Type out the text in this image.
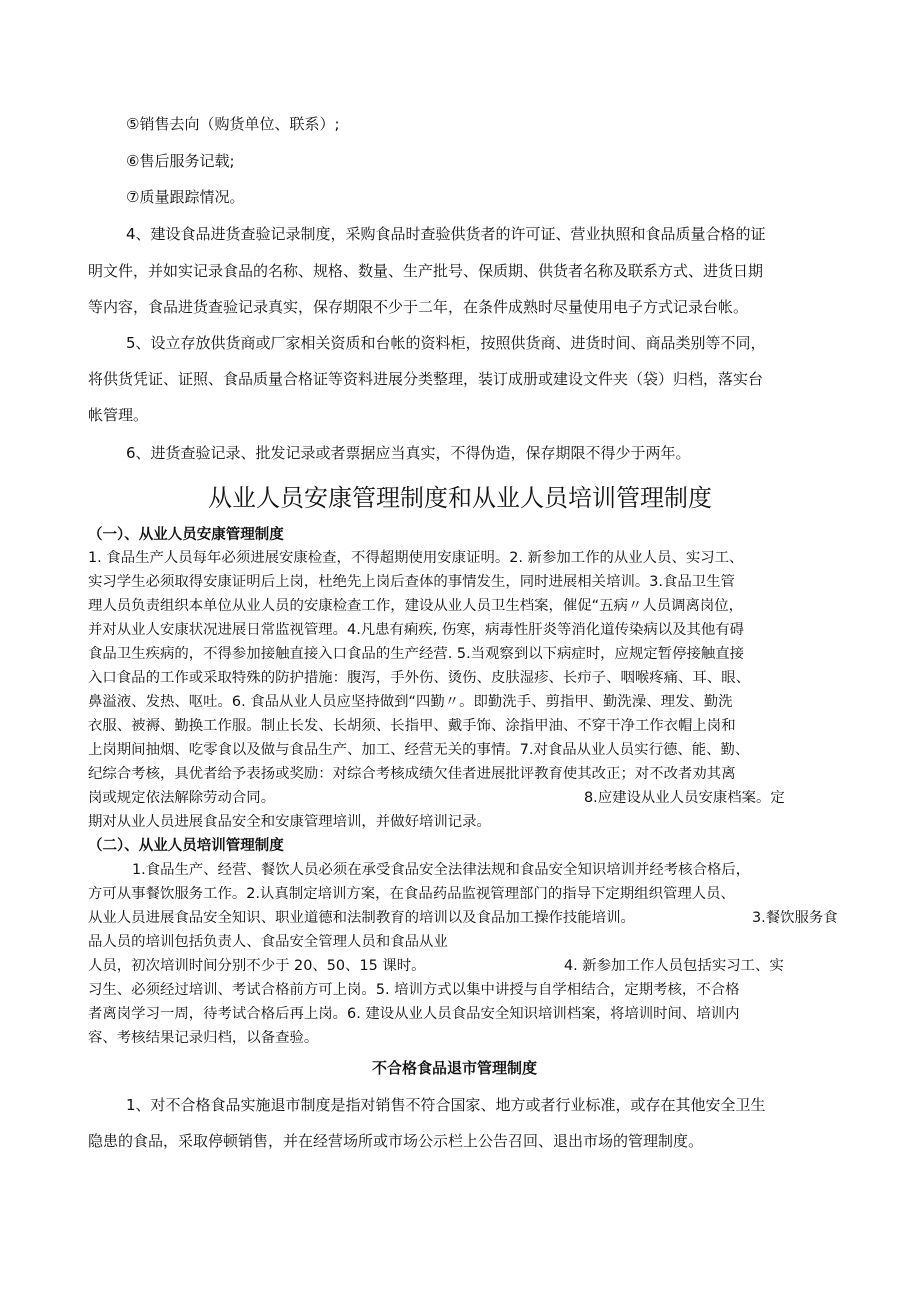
⑤销售去向（购货单位、联系）;
⑥售后服务记载;
⑦质量跟踪情况。
4、建设食品进货查验记录制度，采购食品时查验供货者的许可证、营业执照和食品质量合格的证
明文件，并如实记录食品的名称、规格、数量、生产批号、保质期、供货者名称及联系方式、进货日期
等内容，食品进货查验记录真实，保存期限不少于二年，在条件成熟时尽量使用电子方式记录台帐。
5、设立存放供货商或厂家相关资质和台帐的资料柜，按照供货商、进货时间、商品类别等不同，
将供货凭证、证照、食品质量合格证等资料进展分类整理，装订成册或建设文件夹（袋）归档，落实台
帐管理。
6、进货查验记录、批发记录或者票据应当真实，不得伪造，保存期限不得少于两年。
从业人员安康管理制度和从业人员培训管理制度
（一）、从业人员安康管理制度
1. 食品生产人员每年必须进展安康检查，不得超期使用安康证明。2. 新参加工作的从业人员、实习工、
实习学生必须取得安康证明后上岗，杜绝先上岗后查体的事情发生，同时进展相关培训。3.食品卫生管
理人员负责组织本单位从业人员的安康检查工作，建设从业人员卫生档案，催促“五病〃人员调离岗位，
并对从业人安康状况进展日常监视管理。4.凡患有痢疾, 伤寒，病毒性肝炎等消化道传染病以及其他有碍
食品卫生疾病的，不得参加接触直接入口食品的生产经营. 5.当观察到以下病症时，应规定暂停接触直接
入口食品的工作或采取特殊的防护措施：腹泻，手外伤、烫伤、皮肤湿疹、长疖子、咽喉疼痛、耳、眼、
鼻溢液、发热、呕吐。6. 食品从业人员应坚持做到“四勤〃。即勤洗手、剪指甲、勤洗澡、理发、勤洗
衣服、被褥、勤换工作服。制止长发、长胡须、长指甲、戴手饰、涂指甲油、不穿干净工作衣帽上岗和
上岗期间抽烟、吃零食以及做与食品生产、加工、经营无关的事情。7.对食品从业人员实行德、能、勤、
纪综合考核，具优者给予表扬或奖励：对综合考核成绩欠佳者进展批评教育使其改正；对不改者劝其离
岗或规定依法解除劳动合同。	8.应建设从业人员安康档案。定
期对从业人员进展食品安全和安康管理培训，并做好培训记录。
（二）、从业人员培训管理制度
1.食品生产、经营、餐饮人员必须在承受食品安全法律法规和食品安全知识培训并经考核合格后，
方可从事餐饮服务工作。2.认真制定培训方案，在食品药品监视管理部门的指导下定期组织管理人员、
从业人员进展食品安全知识、职业道德和法制教育的培训以及食品加工操作技能培训。	3.餐饮服务食
品人员的培训包括负责人、食品安全管理人员和食品从业
人员，初次培训时间分别不少于 20、50、15 课时。	4. 新参加工作人员包括实习工、实
习生、必须经过培训、考试合格前方可上岗。5. 培训方式以集中讲授与自学相结合，定期考核，不合格
者离岗学习一周，待考试合格后再上岗。6. 建设从业人员食品安全知识培训档案，将培训时间、培训内
容、考核结果记录归档，以备查验。
不合格食品退市管理制度
1、对不合格食品实施退市制度是指对销售不符合国家、地方或者行业标准，或存在其他安全卫生
隐患的食品，采取停顿销售，并在经营场所或市场公示栏上公告召回、退出市场的管理制度。
